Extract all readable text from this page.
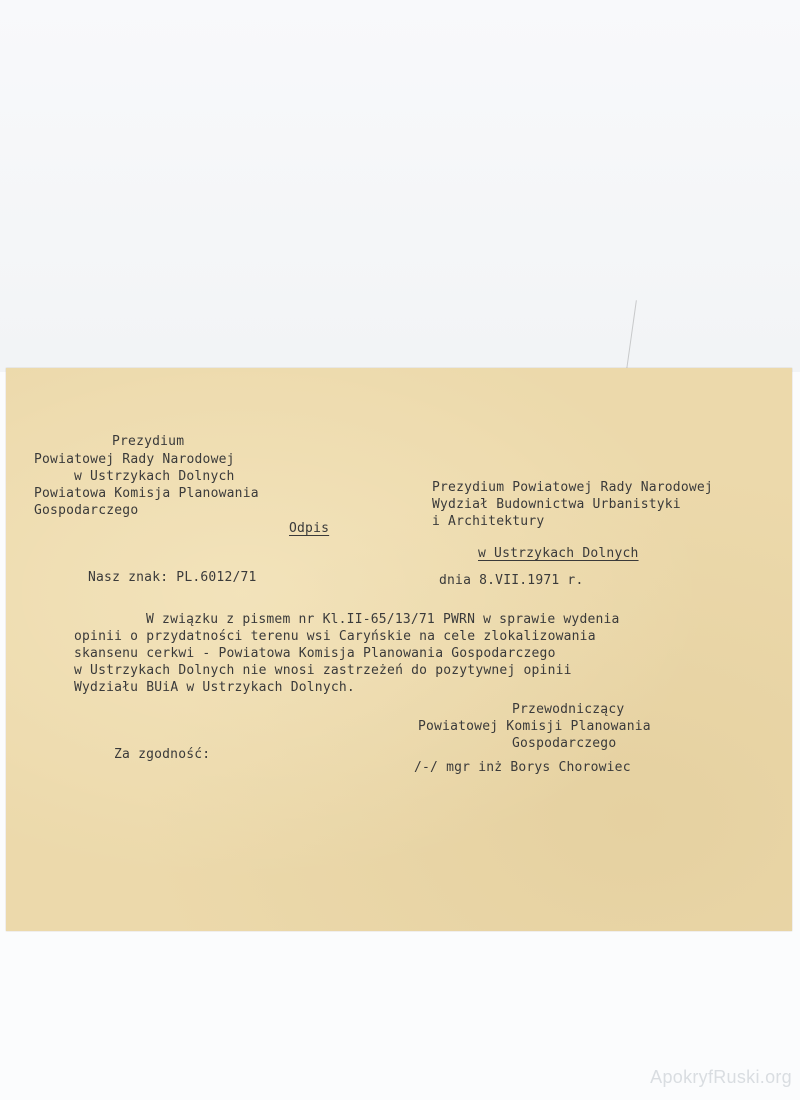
Prezydium
Powiatowej Rady Narodowej
w Ustrzykach Dolnych
Powiatowa Komisja Planowania
Gospodarczego
Odpis
Prezydium Powiatowej Rady Narodowej
Wydział Budownictwa Urbanistyki
i Architektury
w Ustrzykach Dolnych
Nasz znak: PL.6012/71	dnia 8.VII.1971 r.
W związku z pismem nr Kl.II-65/13/71 PWRN w sprawie wydenia
opinii o przydatności terenu wsi Caryńskie na cele zlokalizowania
skansenu cerkwi - Powiatowa Komisja Planowania Gospodarczego
w Ustrzykach Dolnych nie wnosi zastrzeżeń do pozytywnej opinii
Wydziału BUiA w Ustrzykach Dolnych.
Przewodniczący
Powiatowej Komisji Planowania
Gospodarczego
/-/ mgr inż Borys Chorowiec
Za zgodność:
ApokryfRuski.org
